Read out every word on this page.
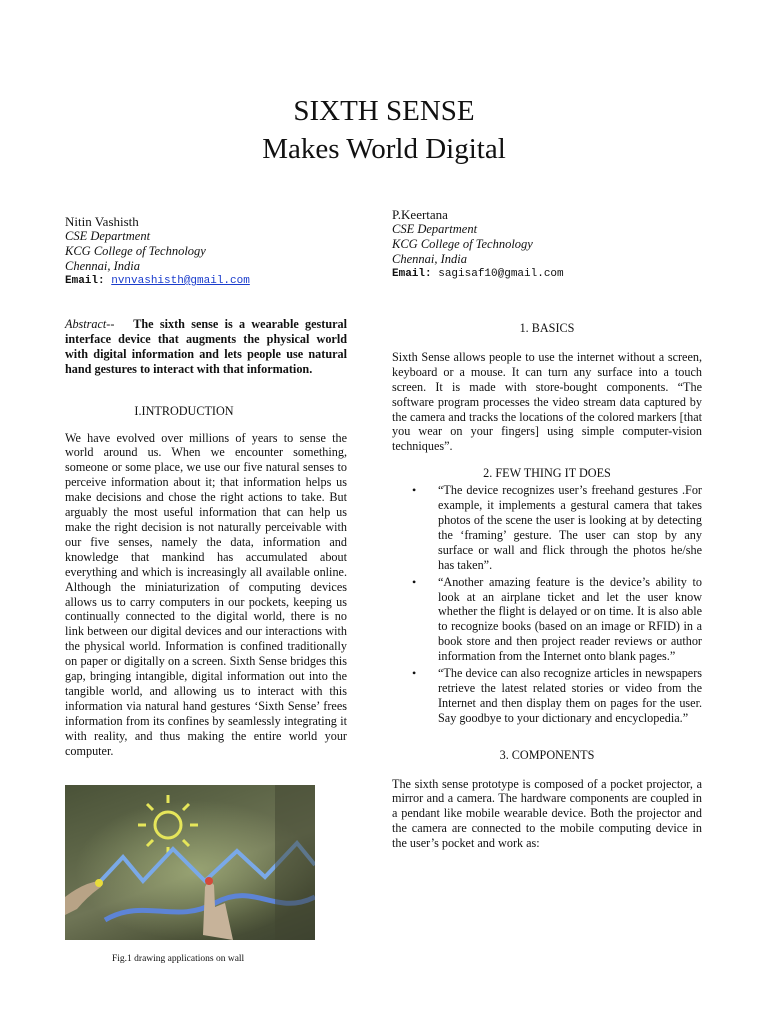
SIXTH SENSE
Makes World Digital
Nitin Vashisth
CSE Department
KCG College of Technology
Chennai, India
Email: nvnvashisth@gmail.com
P.Keertana
CSE Department
KCG College of Technology
Chennai, India
Email: sagisaf10@gmail.com

Abstract-- The sixth sense is a wearable gestural interface device that augments the physical world with digital information and lets people use natural hand gestures to interact with that information.

I.INTRODUCTION

We have evolved over millions of years to sense the world around us. When we encounter something, someone or some place, we use our five natural senses to perceive information about it; that information helps us make decisions and chose the right actions to take. But arguably the most useful information that can help us make the right decision is not naturally perceivable with our five senses, namely the data, information and knowledge that mankind has accumulated about everything and which is increasingly all available online. Although the miniaturization of computing devices allows us to carry computers in our pockets, keeping us continually connected to the digital world, there is no link between our digital devices and our interactions with the physical world. Information is confined traditionally on paper or digitally on a screen. Sixth Sense bridges this gap, bringing intangible, digital information out into the tangible world, and allowing us to interact with this information via natural hand gestures ‘Sixth Sense’ frees information from its confines by seamlessly integrating it with reality, and thus making the entire world your computer.

Fig.1 drawing applications on wall

1. BASICS

Sixth Sense allows people to use the internet without a screen, keyboard or a mouse. It can turn any surface into a touch screen. It is made with store-bought components. “The software program processes the video stream data captured by the camera and tracks the locations of the colored markers [that you wear on your fingers] using simple computer-vision techniques”.

2. FEW THING IT DOES

• “The device recognizes user’s freehand gestures .For example, it implements a gestural camera that takes photos of the scene the user is looking at by detecting the ‘framing’ gesture. The user can stop by any surface or wall and flick through the photos he/she has taken”.
• “Another amazing feature is the device’s ability to look at an airplane ticket and let the user know whether the flight is delayed or on time. It is also able to recognize books (based on an image or RFID) in a book store and then project reader reviews or author information from the Internet onto blank pages.”
• “The device can also recognize articles in newspapers retrieve the latest related stories or video from the Internet and then display them on pages for the user. Say goodbye to your dictionary and encyclopedia.”

3. COMPONENTS

The sixth sense prototype is composed of a pocket projector, a mirror and a camera. The hardware components are coupled in a pendant like mobile wearable device. Both the projector and the camera are connected to the mobile computing device in the user’s pocket and work as:
